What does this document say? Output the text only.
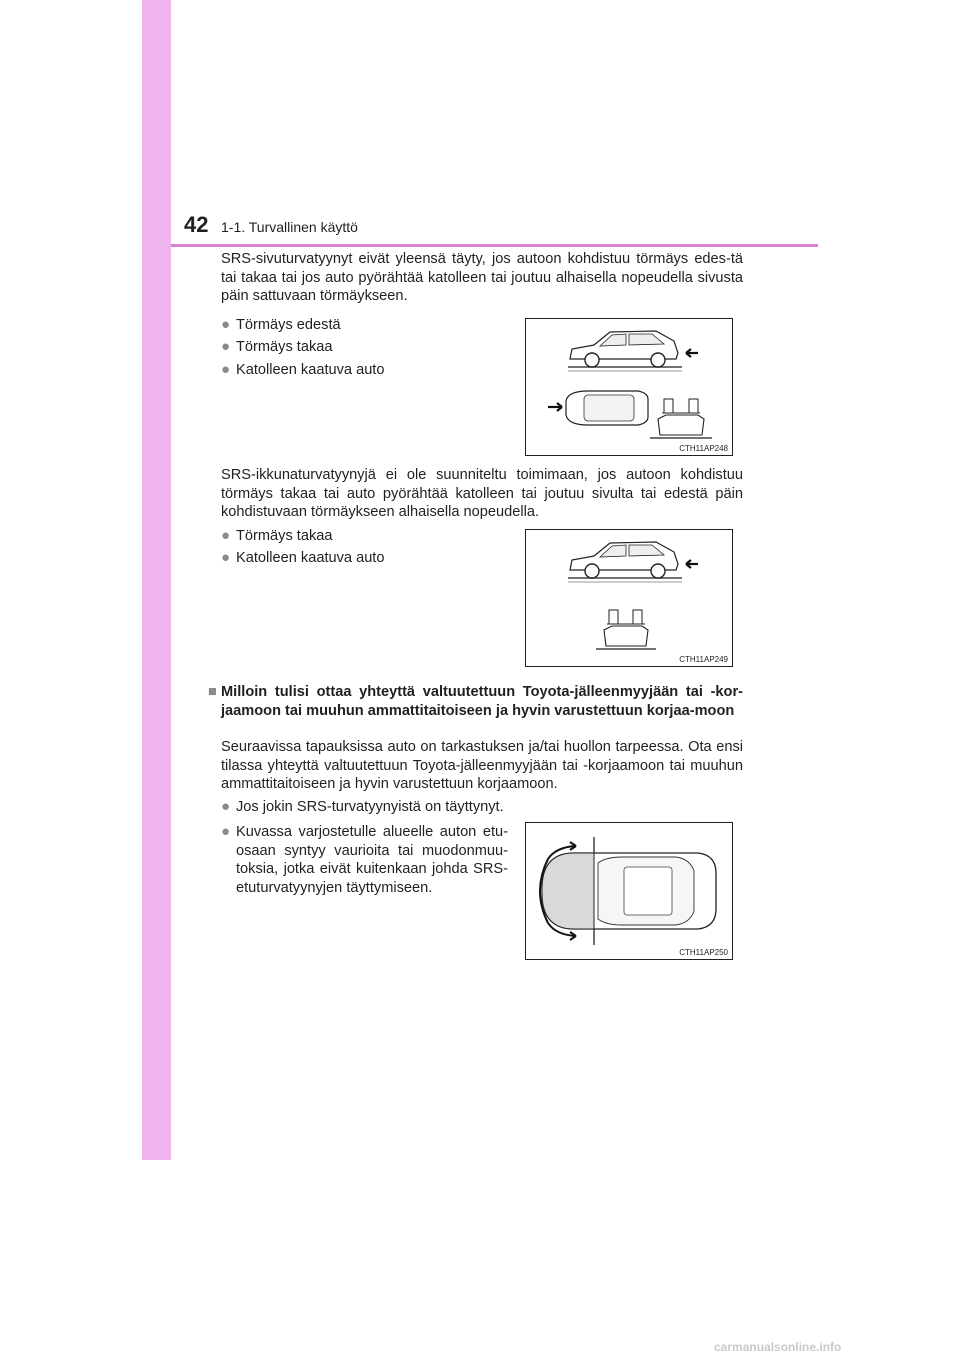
42 1-1. Turvallinen käyttö

SRS-sivuturvatyynyt eivät yleensä täyty, jos autoon kohdistuu törmäys edes-tä tai takaa tai jos auto pyörähtää katolleen tai joutuu alhaisella nopeudella sivusta päin sattuvaan törmäykseen.

● Törmäys edestä
● Törmäys takaa
● Katolleen kaatuva auto
CTH11AP248

SRS-ikkunaturvatyynyjä ei ole suunniteltu toimimaan, jos autoon kohdistuu törmäys takaa tai auto pyörähtää katolleen tai joutuu sivulta tai edestä päin kohdistuvaan törmäykseen alhaisella nopeudella.

● Törmäys takaa
● Katolleen kaatuva auto
CTH11AP249
■ Milloin tulisi ottaa yhteyttä valtuutettuun Toyota-jälleenmyyjään tai -kor-jaamoon tai muuhun ammattitaitoiseen ja hyvin varustettuun korjaa-moon

Seuraavissa tapauksissa auto on tarkastuksen ja/tai huollon tarpeessa. Ota ensi tilassa yhteyttä valtuutettuun Toyota-jälleenmyyjään tai -korjaamoon tai muuhun ammattitaitoiseen ja hyvin varustettuun korjaamoon.

● Jos jokin SRS-turvatyynyistä on täyttynyt.
● Kuvassa varjostetulle alueelle auton etu-osaan syntyy vaurioita tai muodonmuu-toksia, jotka eivät kuitenkaan johda SRS-etuturvatyynyjen täyttymiseen.
CTH11AP250
carmanualsonline.info
